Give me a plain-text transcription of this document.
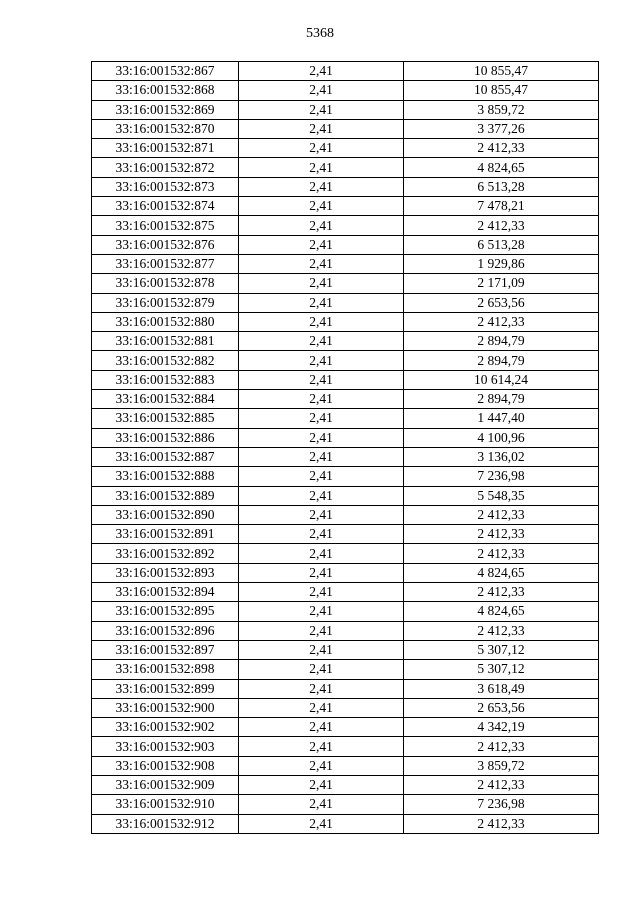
5368
33:16:001532:867	2,41	10 855,47
33:16:001532:868	2,41	10 855,47
33:16:001532:869	2,41	3 859,72
33:16:001532:870	2,41	3 377,26
33:16:001532:871	2,41	2 412,33
33:16:001532:872	2,41	4 824,65
33:16:001532:873	2,41	6 513,28
33:16:001532:874	2,41	7 478,21
33:16:001532:875	2,41	2 412,33
33:16:001532:876	2,41	6 513,28
33:16:001532:877	2,41	1 929,86
33:16:001532:878	2,41	2 171,09
33:16:001532:879	2,41	2 653,56
33:16:001532:880	2,41	2 412,33
33:16:001532:881	2,41	2 894,79
33:16:001532:882	2,41	2 894,79
33:16:001532:883	2,41	10 614,24
33:16:001532:884	2,41	2 894,79
33:16:001532:885	2,41	1 447,40
33:16:001532:886	2,41	4 100,96
33:16:001532:887	2,41	3 136,02
33:16:001532:888	2,41	7 236,98
33:16:001532:889	2,41	5 548,35
33:16:001532:890	2,41	2 412,33
33:16:001532:891	2,41	2 412,33
33:16:001532:892	2,41	2 412,33
33:16:001532:893	2,41	4 824,65
33:16:001532:894	2,41	2 412,33
33:16:001532:895	2,41	4 824,65
33:16:001532:896	2,41	2 412,33
33:16:001532:897	2,41	5 307,12
33:16:001532:898	2,41	5 307,12
33:16:001532:899	2,41	3 618,49
33:16:001532:900	2,41	2 653,56
33:16:001532:902	2,41	4 342,19
33:16:001532:903	2,41	2 412,33
33:16:001532:908	2,41	3 859,72
33:16:001532:909	2,41	2 412,33
33:16:001532:910	2,41	7 236,98
33:16:001532:912	2,41	2 412,33
